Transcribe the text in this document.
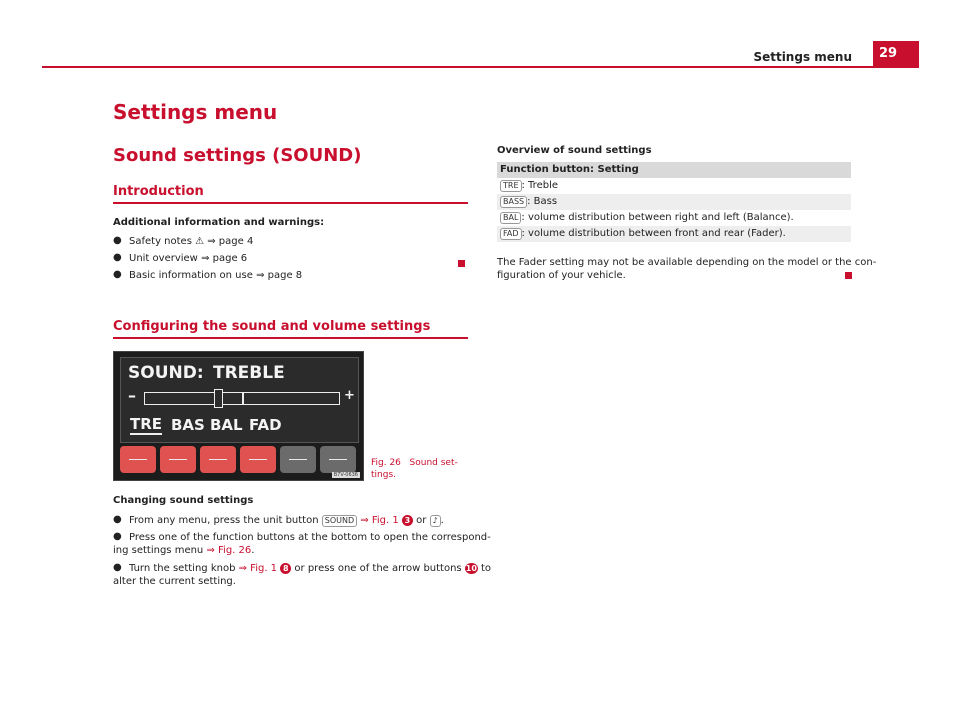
Settings menu	29
Settings menu
Sound settings (SOUND)
Introduction
Additional information and warnings:
● Safety notes ⚠ ⇒ page 4
● Unit overview ⇒ page 6
● Basic information on use ⇒ page 8
Configuring the sound and volume settings
SOUND: TREBLE
–	+
TRE BAS BAL FAD
B7V-0636
Fig. 26 Sound set-
tings.
Changing sound settings
● From any menu, press the unit button SOUND ⇒ Fig. 1 3 or ♪ .
● Press one of the function buttons at the bottom to open the correspond-
ing settings menu ⇒ Fig. 26.
● Turn the setting knob ⇒ Fig. 1 8 or press one of the arrow buttons 10 to
alter the current setting.
Overview of sound settings
Function button: Setting
TRE : Treble
BASS : Bass
BAL : volume distribution between right and left (Balance).
FAD : volume distribution between front and rear (Fader).
The Fader setting may not be available depending on the model or the con-
figuration of your vehicle.
